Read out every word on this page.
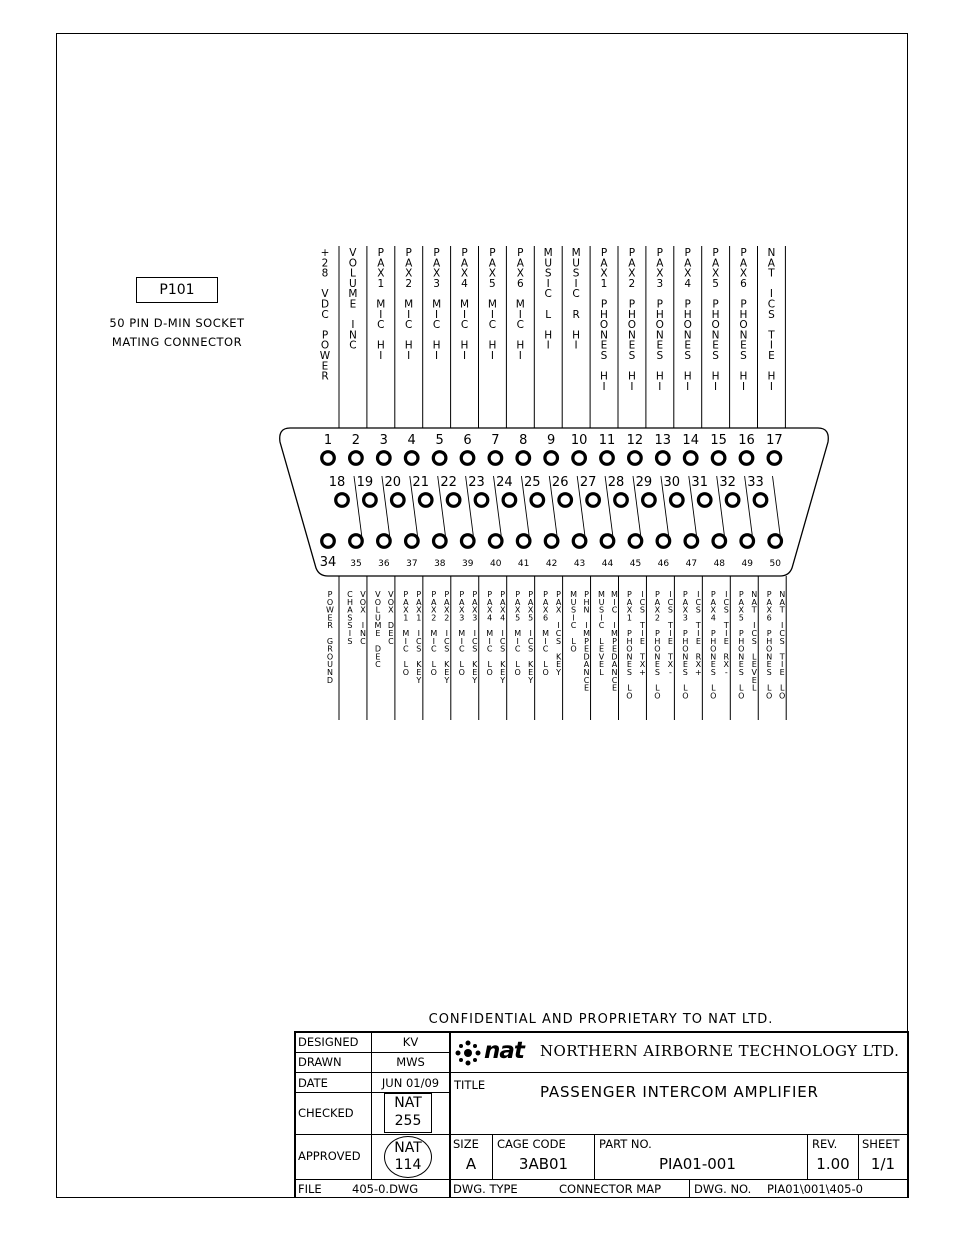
1 2 3 4 5 6 7 8 9 10 11 12 13 14 15 16 17
18 19 20 21 22 23 24 25 26 27 28 29 30 31 32 33
34 35 36 37 38 39 40 41 42 43 44 45 46 47 48 49 50
+
2
8
V
D
C
P
O
W
E
R
V
O
L
U
M
E
I
N
C
P
A
X
1
M
I
C
H
I
P
A
X
2
M
I
C
H
I
P
A
X
3
M
I
C
H
I
P
A
X
4
M
I
C
H
I
P
A
X
5
M
I
C
H
I
P
A
X
6
M
I
C
H
I
M
U
S
I
C
L
H
I
M
U
S
I
C
R
H
I
P
A
X
1
P
H
O
N
E
S
H
I
P
A
X
2
P
H
O
N
E
S
H
I
P
A
X
3
P
H
O
N
E
S
H
I
P
A
X
4
P
H
O
N
E
S
H
I
P
A
X
5
P
H
O
N
E
S
H
I
P
A
X
6
P
H
O
N
E
S
H
I
N
A
T
I
C
S
T
I
E
H
I
P
O
W
E
R
G
R
O
U
N
D
C
H
A
S
S
I
S
V
O
X
I
N
C
V
O
L
U
M
E
D
E
C
V
O
X
D
E
C
P
A
X
1
M
I
C
L
O
P
A
X
1
I
C
S
K
E
Y
P
A
X
2
M
I
C
L
O
P
A
X
2
I
C
S
K
E
Y
P
A
X
3
M
I
C
L
O
P
A
X
3
I
C
S
K
E
Y
P
A
X
4
M
I
C
L
O
P
A
X
4
I
C
S
K
E
Y
P
A
X
5
M
I
C
L
O
P
A
X
5
I
C
S
K
E
Y
P
A
X
6
M
I
C
L
O
P
A
X
I
C
S
K
E
Y
M
U
S
I
C
L
O
P
H
N
I
M
P
E
D
A
N
C
E
M
U
S
I
C
L
E
V
E
L
M
I
C
I
M
P
E
D
A
N
C
E
P
A
X
1
P
H
O
N
E
S
L
O
I
C
S
T
I
E
T
X
+
P
A
X
2
P
H
O
N
E
S
L
O
I
C
S
T
I
E
T
X
-
P
A
X
3
P
H
O
N
E
S
L
O
I
C
S
T
I
E
R
X
+
P
A
X
4
P
H
O
N
E
S
L
O
I
C
S
T
I
E
R
X
-
P
A
X
5
P
H
O
N
E
S
L
O
N
A
T
I
C
S
L
E
V
E
L
P
A
X
6
P
H
O
N
E
S
L
O
N
A
T
I
C
S
T
I
E
L
O
P101
50 PIN D-MIN SOCKET
MATING CONNECTOR
CONFIDENTIAL AND PROPRIETARY TO NAT LTD.
DESIGNED	KV
DRAWN	MWS
DATE	JUN 01/09
CHECKED
NAT
255
APPROVED	NAT
114
nat NORTHERN AIRBORNE TECHNOLOGY LTD.
TITLE	PASSENGER INTERCOM AMPLIFIER
SIZE
A
CAGE CODE
3AB01
PART NO.
PIA01-001
REV.
1.00
SHEET
1/1
FILE	405-0.DWG	DWG. TYPE	CONNECTOR MAP	DWG. NO. PIA01\001\405-0
